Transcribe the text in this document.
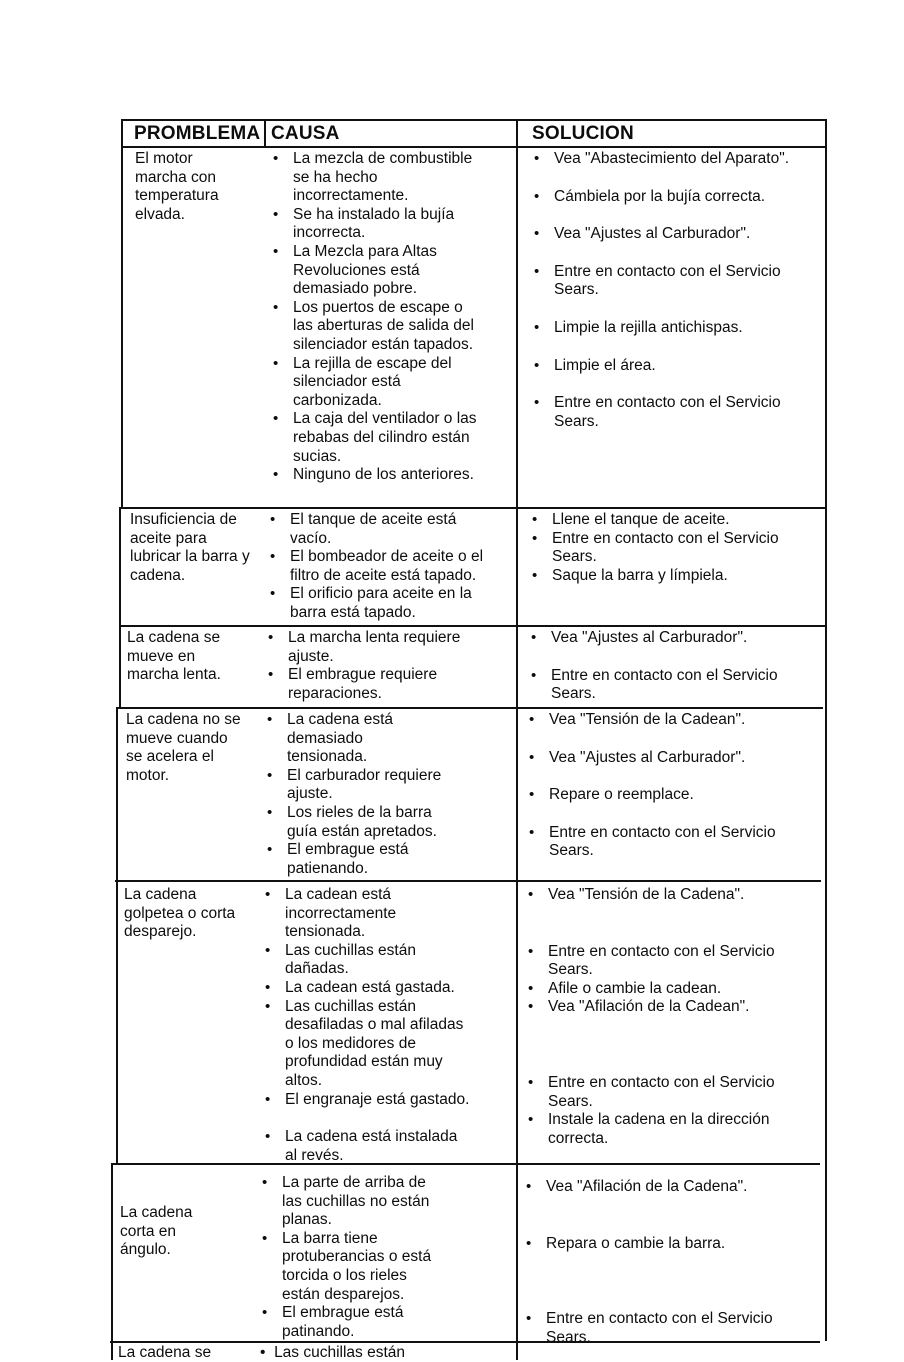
PROMBLEMA CAUSA	SOLUCION
El motor
marcha con
temperatura
elvada.
• La mezcla de combustible
se ha hecho
incorrectamente.
• Se ha instalado la bujía
incorrecta.
• La Mezcla para Altas
Revoluciones está
demasiado pobre.
• Los puertos de escape o
las aberturas de salida del
silenciador están tapados.
• La rejilla de escape del
silenciador está
carbonizada.
• La caja del ventilador o las
rebabas del cilindro están
sucias.
• Ninguno de los anteriores.
• Vea "Abastecimiento del Aparato".
• Cámbiela por la bujía correcta.
• Vea "Ajustes al Carburador".
• Entre en contacto con el Servicio
Sears.
• Limpie la rejilla antichispas.
• Limpie el área.
• Entre en contacto con el Servicio
Sears.
Insuficiencia de
aceite para
lubricar la barra y
cadena.
• El tanque de aceite está
vacío.
• El bombeador de aceite o el
filtro de aceite está tapado.
• El orificio para aceite en la
barra está tapado.
• Llene el tanque de aceite.
• Entre en contacto con el Servicio
Sears.
• Saque la barra y límpiela.
La cadena se
mueve en
marcha lenta.
• La marcha lenta requiere
ajuste.
• El embrague requiere
reparaciones.
• Vea "Ajustes al Carburador".
• Entre en contacto con el Servicio
Sears.
La cadena no se
mueve cuando
se acelera el
motor.
• La cadena está
demasiado
tensionada.
• El carburador requiere
ajuste.
• Los rieles de la barra
guía están apretados.
• El embrague está
patienando.
• Vea "Tensión de la Cadean".
• Vea "Ajustes al Carburador".
• Repare o reemplace.
• Entre en contacto con el Servicio
Sears.
La cadena
golpetea o corta
desparejo.
• La cadean está
incorrectamente
tensionada.
• Las cuchillas están
dañadas.
• La cadean está gastada.
• Las cuchillas están
desafiladas o mal afiladas
o los medidores de
profundidad están muy
altos.
• El engranaje está gastado.
• La cadena está instalada
al revés.
• Vea "Tensión de la Cadena".
• Entre en contacto con el Servicio
Sears.
• Afile o cambie la cadean.
• Vea "Afilación de la Cadean".
• Entre en contacto con el Servicio
Sears.
• Instale la cadena en la dirección
correcta.
La cadena
corta en
ángulo.
• La parte de arriba de
las cuchillas no están
planas.
• La barra tiene
protuberancias o está
torcida o los rieles
están desparejos.
• El embrague está
patinando.
• Vea "Afilación de la Cadena".
• Repara o cambie la barra.
• Entre en contacto con el Servicio
Sears.
La cadena se	• Las cuchillas están
